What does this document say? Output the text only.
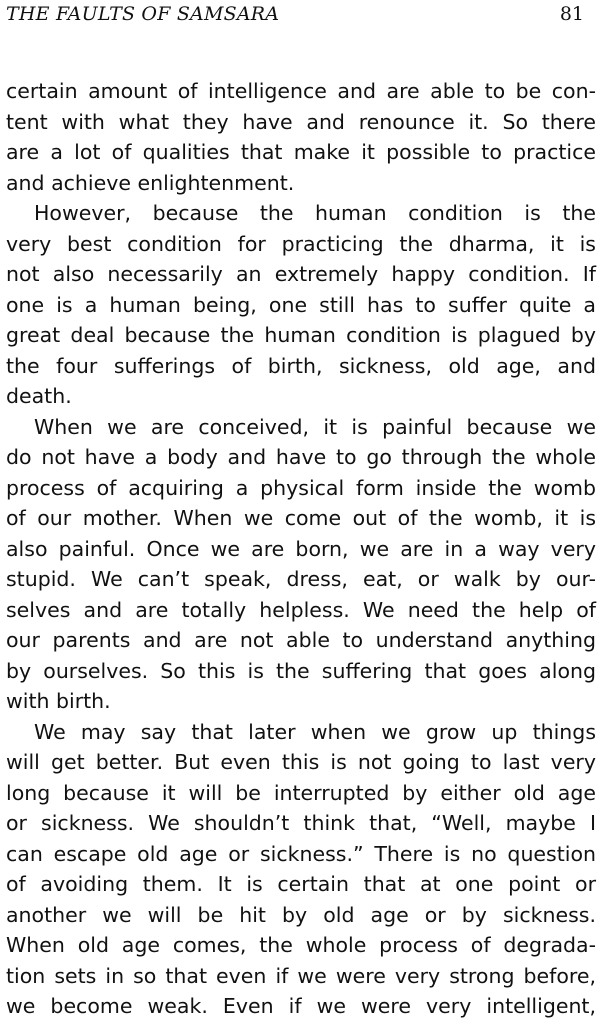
THE FAULTS OF SAMSARA	81

certain amount of intelligence and are able to be con-
tent with what they have and renounce it. So there
are a lot of qualities that make it possible to practice
and achieve enlightenment.

However, because the human condition is the
very best condition for practicing the dharma, it is
not also necessarily an extremely happy condition. If
one is a human being, one still has to suffer quite a
great deal because the human condition is plagued by
the four sufferings of birth, sickness, old age, and
death.

When we are conceived, it is painful because we
do not have a body and have to go through the whole
process of acquiring a physical form inside the womb
of our mother. When we come out of the womb, it is
also painful. Once we are born, we are in a way very
stupid. We can’t speak, dress, eat, or walk by our-
selves and are totally helpless. We need the help of
our parents and are not able to understand anything
by ourselves. So this is the suffering that goes along
with birth.

We may say that later when we grow up things
will get better. But even this is not going to last very
long because it will be interrupted by either old age
or sickness. We shouldn’t think that, “Well, maybe I
can escape old age or sickness.” There is no question
of avoiding them. It is certain that at one point or
another we will be hit by old age or by sickness.
When old age comes, the whole process of degrada-
tion sets in so that even if we were very strong before,
we become weak. Even if we were very intelligent,
